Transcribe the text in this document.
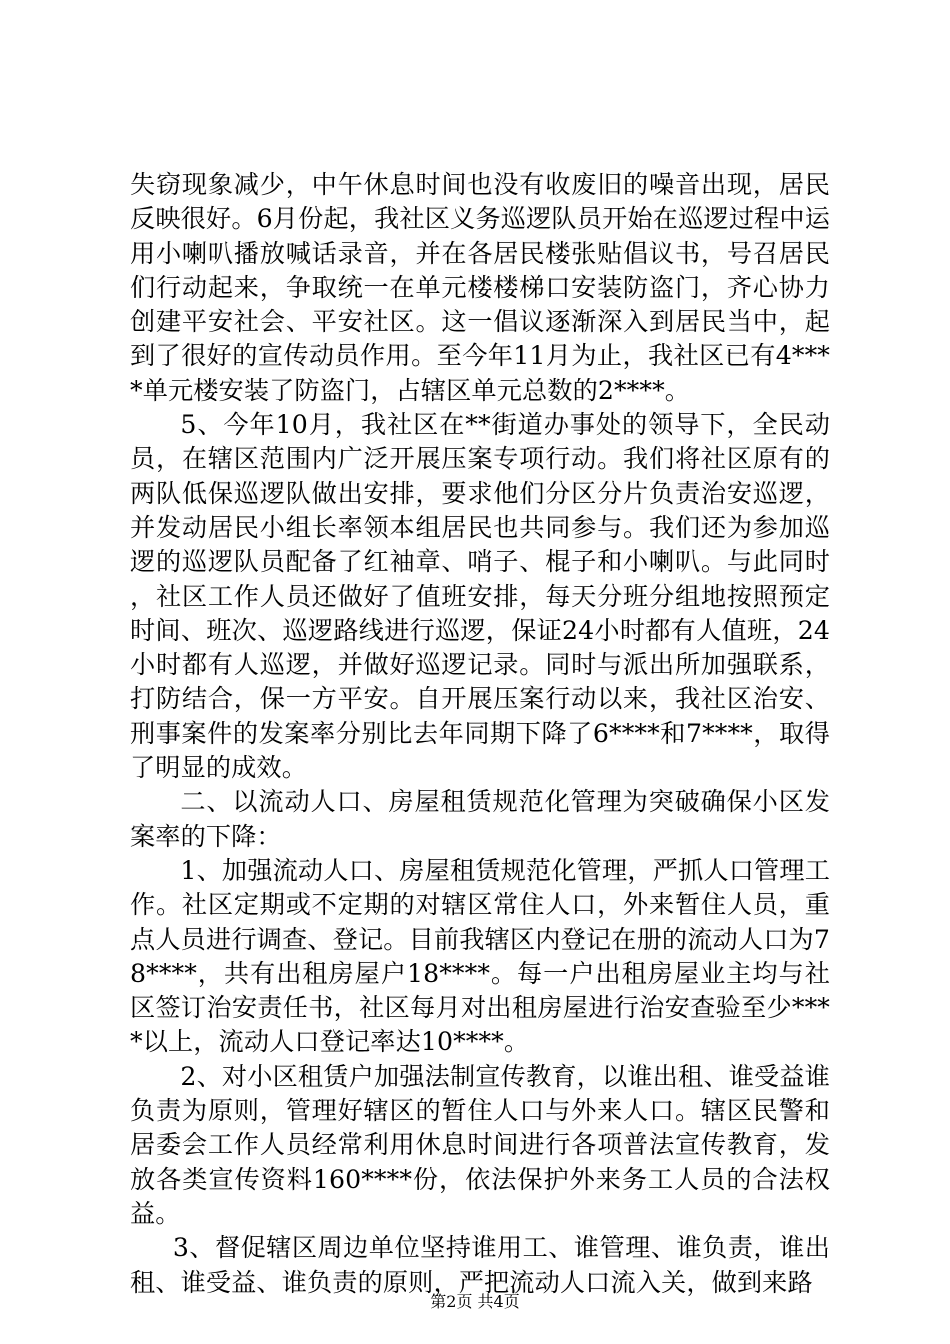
失窃现象减少，中午休息时间也没有收废旧的噪音出现，居民反映很好。6月份起，我社区义务巡逻队员开始在巡逻过程中运用小喇叭播放喊话录音，并在各居民楼张贴倡议书，号召居民们行动起来，争取统一在单元楼楼梯口安装防盗门，齐心协力创建平安社会、平安社区。这一倡议逐渐深入到居民当中，起到了很好的宣传动员作用。至今年11月为止，我社区已有4****单元楼安装了防盗门，占辖区单元总数的2****。

5、今年10月，我社区在**街道办事处的领导下，全民动员，在辖区范围内广泛开展压案专项行动。我们将社区原有的两队低保巡逻队做出安排，要求他们分区分片负责治安巡逻，并发动居民小组长率领本组居民也共同参与。我们还为参加巡逻的巡逻队员配备了红袖章、哨子、棍子和小喇叭。与此同时，社区工作人员还做好了值班安排，每天分班分组地按照预定时间、班次、巡逻路线进行巡逻，保证24小时都有人值班，24小时都有人巡逻，并做好巡逻记录。同时与派出所加强联系，打防结合，保一方平安。自开展压案行动以来，我社区治安、刑事案件的发案率分别比去年同期下降了6****和7****，取得了明显的成效。

二、以流动人口、房屋租赁规范化管理为突破确保小区发案率的下降：

1、加强流动人口、房屋租赁规范化管理，严抓人口管理工作。社区定期或不定期的对辖区常住人口，外来暂住人员，重点人员进行调查、登记。目前我辖区内登记在册的流动人口为78****，共有出租房屋户18****。每一户出租房屋业主均与社区签订治安责任书，社区每月对出租房屋进行治安查验至少****以上，流动人口登记率达10****。

2、对小区租赁户加强法制宣传教育，以谁出租、谁受益谁负责为原则，管理好辖区的暂住人口与外来人口。辖区民警和居委会工作人员经常利用休息时间进行各项普法宣传教育，发放各类宣传资料160****份，依法保护外来务工人员的合法权益。

3、督促辖区周边单位坚持谁用工、谁管理、谁负责，谁出租、谁受益、谁负责的原则，严把流动人口流入关，做到来路

第2页 共4页
